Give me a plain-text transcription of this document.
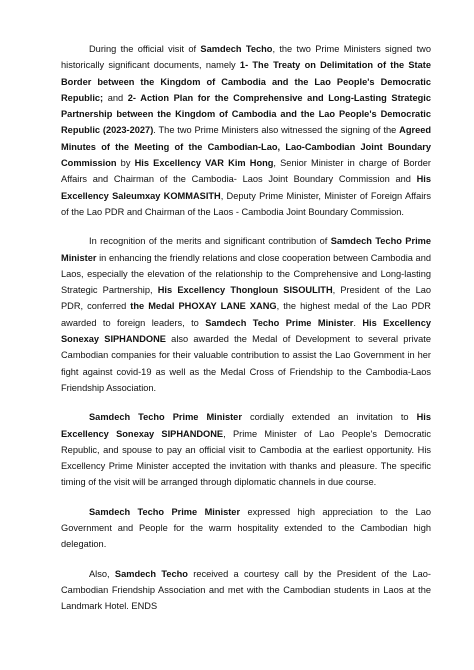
During the official visit of Samdech Techo, the two Prime Ministers signed two historically significant documents, namely 1- The Treaty on Delimitation of the State Border between the Kingdom of Cambodia and the Lao People's Democratic Republic; and 2- Action Plan for the Comprehensive and Long-Lasting Strategic Partnership between the Kingdom of Cambodia and the Lao People's Democratic Republic (2023-2027). The two Prime Ministers also witnessed the signing of the Agreed Minutes of the Meeting of the Cambodian-Lao, Lao-Cambodian Joint Boundary Commission by His Excellency VAR Kim Hong, Senior Minister in charge of Border Affairs and Chairman of the Cambodia- Laos Joint Boundary Commission and His Excellency Saleumxay KOMMASITH, Deputy Prime Minister, Minister of Foreign Affairs of the Lao PDR and Chairman of the Laos - Cambodia Joint Boundary Commission.

In recognition of the merits and significant contribution of Samdech Techo Prime Minister in enhancing the friendly relations and close cooperation between Cambodia and Laos, especially the elevation of the relationship to the Comprehensive and Long-lasting Strategic Partnership, His Excellency Thongloun SISOULITH, President of the Lao PDR, conferred the Medal PHOXAY LANE XANG, the highest medal of the Lao PDR awarded to foreign leaders, to Samdech Techo Prime Minister. His Excellency Sonexay SIPHANDONE also awarded the Medal of Development to several private Cambodian companies for their valuable contribution to assist the Lao Government in her fight against covid-19 as well as the Medal Cross of Friendship to the Cambodia-Laos Friendship Association.

Samdech Techo Prime Minister cordially extended an invitation to His Excellency Sonexay SIPHANDONE, Prime Minister of Lao People's Democratic Republic, and spouse to pay an official visit to Cambodia at the earliest opportunity. His Excellency Prime Minister accepted the invitation with thanks and pleasure. The specific timing of the visit will be arranged through diplomatic channels in due course.

Samdech Techo Prime Minister expressed high appreciation to the Lao Government and People for the warm hospitality extended to the Cambodian high delegation.

Also, Samdech Techo received a courtesy call by the President of the Lao-Cambodian Friendship Association and met with the Cambodian students in Laos at the Landmark Hotel. ENDS
